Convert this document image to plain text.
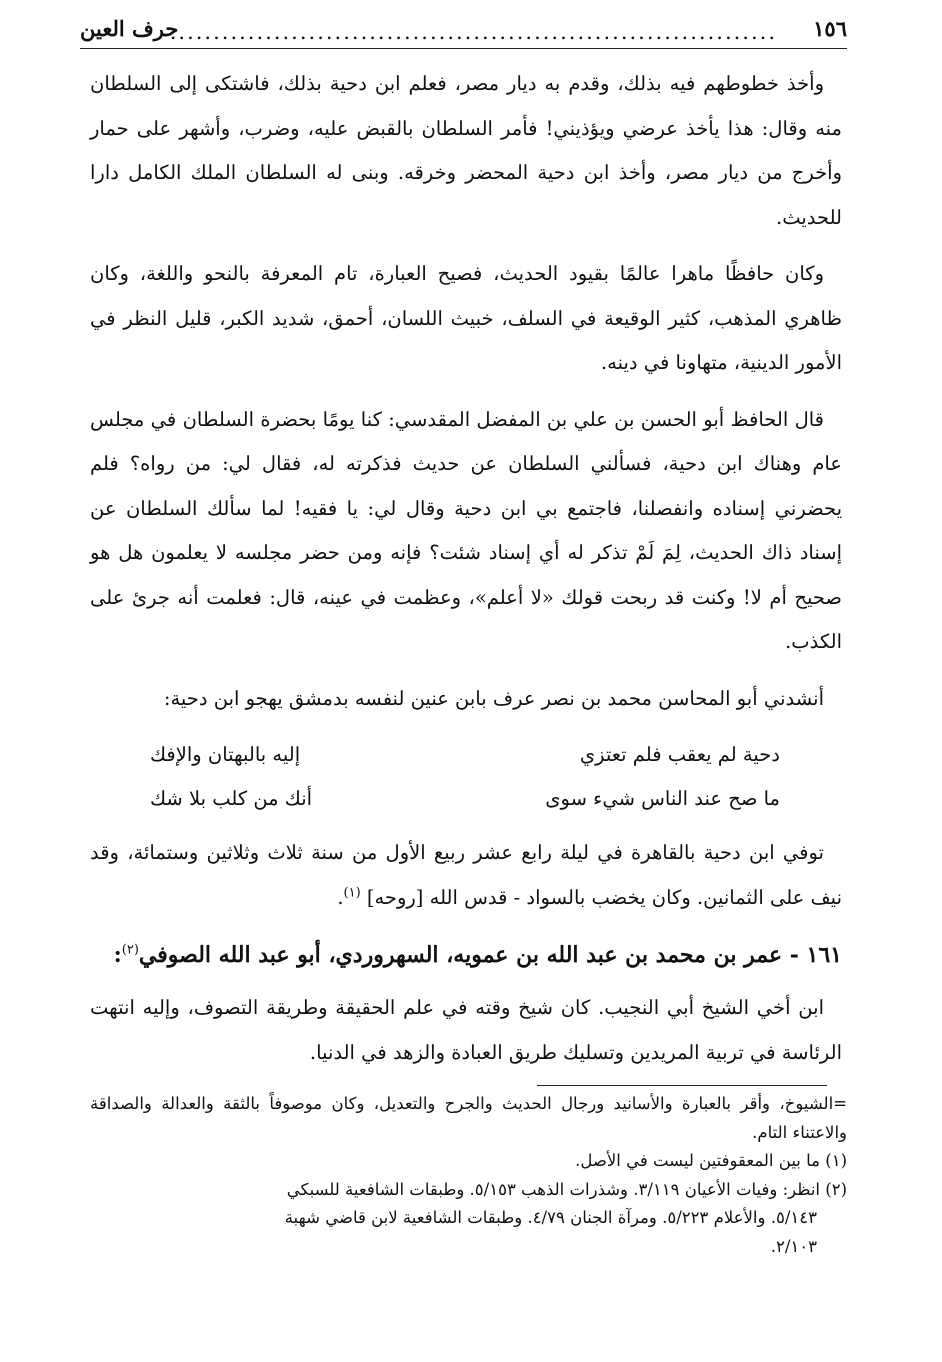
١٥٦
......................................................................
حرف العين

وأخذ خطوطهم فيه بذلك، وقدم به ديار مصر، فعلم ابن دحية بذلك، فاشتكى إلى السلطان منه وقال: هذا يأخذ عرضي ويؤذيني! فأمر السلطان بالقبض عليه، وضرب، وأشهر على حمار وأخرج من ديار مصر، وأخذ ابن دحية المحضر وخرقه. وبنى له السلطان الملك الكامل دارا للحديث.

وكان حافظًا ماهرا عالمًا بقيود الحديث، فصيح العبارة، تام المعرفة بالنحو واللغة، وكان ظاهري المذهب، كثير الوقيعة في السلف، خبيث اللسان، أحمق، شديد الكبر، قليل النظر في الأمور الدينية، متهاونا في دينه.

قال الحافظ أبو الحسن بن علي بن المفضل المقدسي: كنا يومًا بحضرة السلطان في مجلس عام وهناك ابن دحية، فسألني السلطان عن حديث فذكرته له، فقال لي: من رواه؟ فلم يحضرني إسناده وانفصلنا، فاجتمع بي ابن دحية وقال لي: يا فقيه! لما سألك السلطان عن إسناد ذاك الحديث، لِمَ لَمْ تذكر له أي إسناد شئت؟ فإنه ومن حضر مجلسه لا يعلمون هل هو صحيح أم لا! وكنت قد ربحت قولك «لا أعلم»، وعظمت في عينه، قال: فعلمت أنه جرئ على الكذب.

أنشدني أبو المحاسن محمد بن نصر عرف بابن عنين لنفسه بدمشق يهجو ابن دحية:

دحية لم يعقب فلم تعتزي
إليه بالبهتان والإفك
ما صح عند الناس شيء سوى
أنك من كلب بلا شك

توفي ابن دحية بالقاهرة في ليلة رابع عشر ربيع الأول من سنة ثلاث وثلاثين وستمائة، وقد نيف على الثمانين. وكان يخضب بالسواد - قدس الله [روحه] $^{(١)}$.

١٦١ - عمر بن محمد بن عبد الله بن عمويه، السهروردي، أبو عبد الله الصوفي$^{(٢)}$:

ابن أخي الشيخ أبي النجيب. كان شيخ وقته في علم الحقيقة وطريقة التصوف، وإليه انتهت الرئاسة في تربية المريدين وتسليك طريق العبادة والزهد في الدنيا.

=الشيوخ، وأقر بالعبارة والأسانيد ورجال الحديث والجرح والتعديل، وكان موصوفاً بالثقة والعدالة والصداقة والاعتناء التام.
(١) ما بين المعقوفتين ليست في الأصل.
(٢) انظر: وفيات الأعيان ٣/١١٩. وشذرات الذهب ٥/١٥٣. وطبقات الشافعية للسبكي
٥/١٤٣. والأعلام ٥/٢٢٣. ومرآة الجنان ٤/٧٩. وطبقات الشافعية لابن قاضي شهبة
٢/١٠٣.
